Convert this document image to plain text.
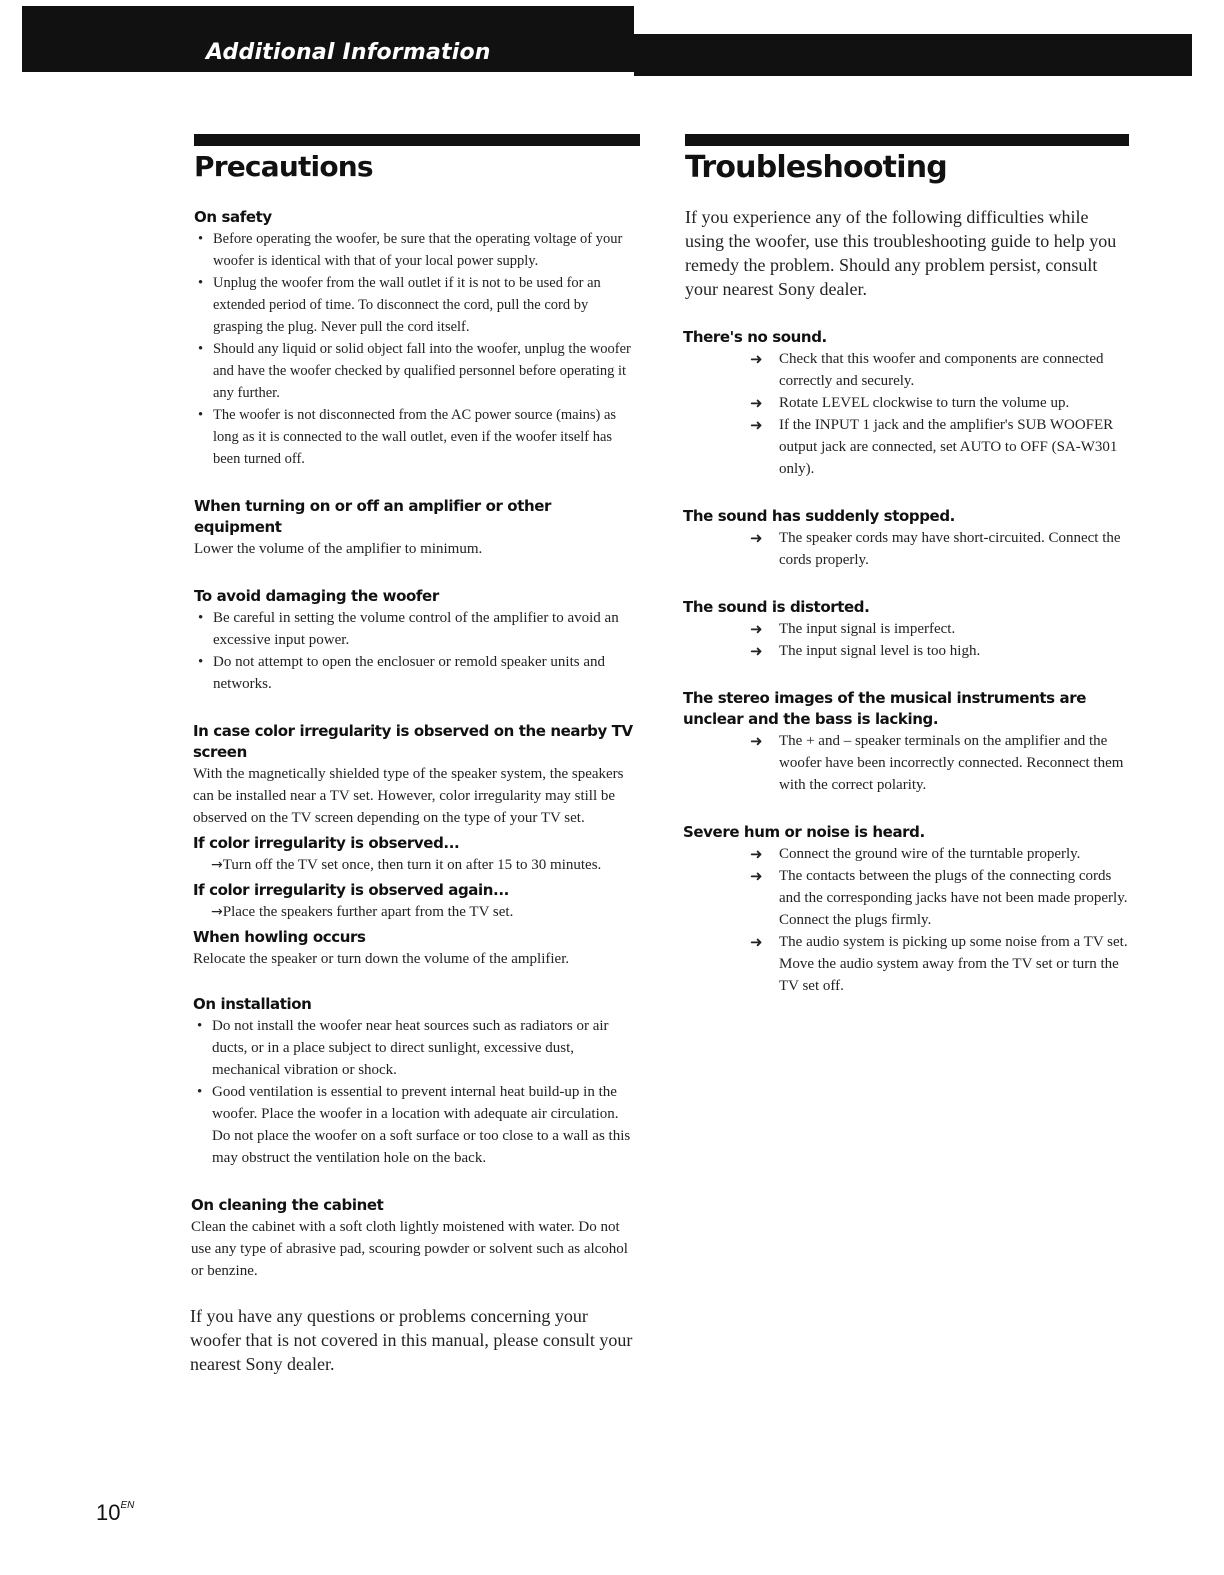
Additional Information
Precautions
On safety
• Before operating the woofer, be sure that the operating voltage of your woofer is identical with that of your local power supply.
• Unplug the woofer from the wall outlet if it is not to be used for an extended period of time. To disconnect the cord, pull the cord by grasping the plug. Never pull the cord itself.
• Should any liquid or solid object fall into the woofer, unplug the woofer and have the woofer checked by qualified personnel before operating it any further.
• The woofer is not disconnected from the AC power source (mains) as long as it is connected to the wall outlet, even if the woofer itself has been turned off.
When turning on or off an amplifier or other equipment
Lower the volume of the amplifier to minimum.
To avoid damaging the woofer
• Be careful in setting the volume control of the amplifier to avoid an excessive input power.
• Do not attempt to open the enclosuer or remold speaker units and networks.
In case color irregularity is observed on the nearby TV screen
With the magnetically shielded type of the speaker system, the speakers can be installed near a TV set. However, color irregularity may still be observed on the TV screen depending on the type of your TV set.
If color irregularity is observed...
→Turn off the TV set once, then turn it on after 15 to 30 minutes.
If color irregularity is observed again...
→Place the speakers further apart from the TV set.
When howling occurs
Relocate the speaker or turn down the volume of the amplifier.
On installation
• Do not install the woofer near heat sources such as radiators or air ducts, or in a place subject to direct sunlight, excessive dust, mechanical vibration or shock.
• Good ventilation is essential to prevent internal heat build-up in the woofer. Place the woofer in a location with adequate air circulation. Do not place the woofer on a soft surface or too close to a wall as this may obstruct the ventilation hole on the back.
On cleaning the cabinet
Clean the cabinet with a soft cloth lightly moistened with water. Do not use any type of abrasive pad, scouring powder or solvent such as alcohol or benzine.
If you have any questions or problems concerning your woofer that is not covered in this manual, please consult your nearest Sony dealer.
Troubleshooting
If you experience any of the following difficulties while using the woofer, use this troubleshooting guide to help you remedy the problem. Should any problem persist, consult your nearest Sony dealer.
There's no sound.
➜ Check that this woofer and components are connected correctly and securely.
➜ Rotate LEVEL clockwise to turn the volume up.
➜ If the INPUT 1 jack and the amplifier's SUB WOOFER output jack are connected, set AUTO to OFF (SA-W301 only).
The sound has suddenly stopped.
➜ The speaker cords may have short-circuited. Connect the cords properly.
The sound is distorted.
➜ The input signal is imperfect.
➜ The input signal level is too high.
The stereo images of the musical instruments are unclear and the bass is lacking.
➜ The + and – speaker terminals on the amplifier and the woofer have been incorrectly connected. Reconnect them with the correct polarity.
Severe hum or noise is heard.
➜ Connect the ground wire of the turntable properly.
➜ The contacts between the plugs of the connecting cords and the corresponding jacks have not been made properly. Connect the plugs firmly.
➜ The audio system is picking up some noise from a TV set. Move the audio system away from the TV set or turn the TV set off.
$10^{EN}$
